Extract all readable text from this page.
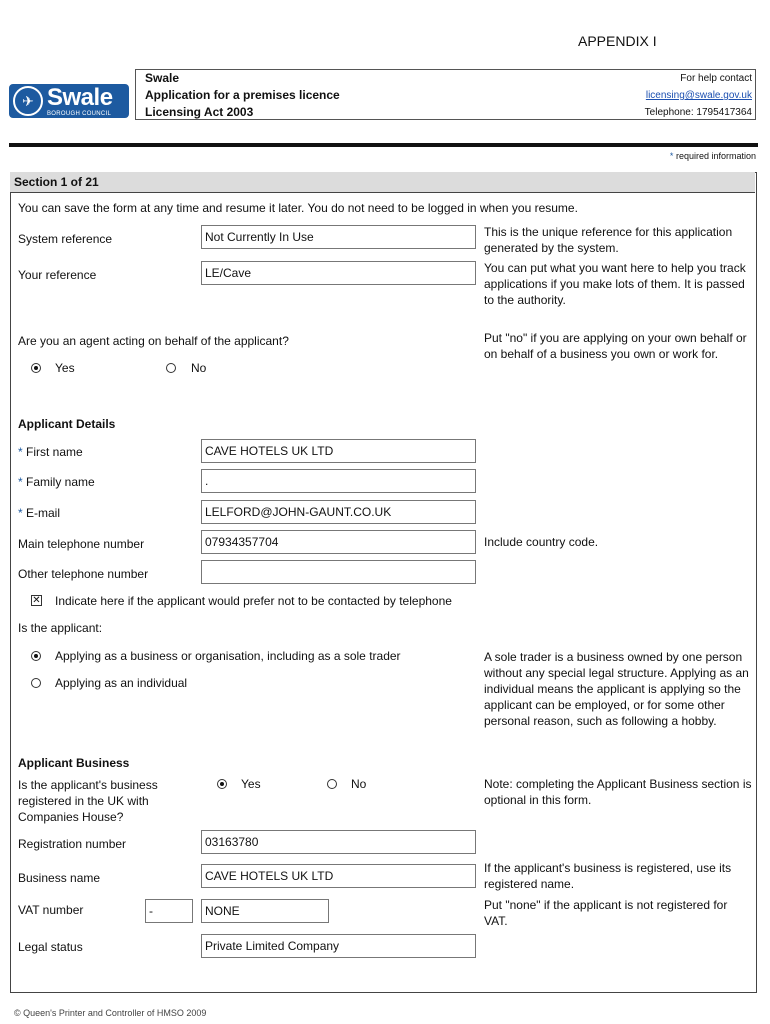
APPENDIX I
✈ Swale
BOROUGH COUNCIL
Swale
Application for a premises licence
Licensing Act 2003
For help contact
licensing@swale.gov.uk
Telephone: 1795417364
* required information
Section 1 of 21
You can save the form at any time and resume it later. You do not need to be logged in when you resume.
System reference	Not Currently In Use	This is the unique reference for this application generated by the system.
Your reference	LE/Cave	You can put what you want here to help you track applications if you make lots of them. It is passed to the authority.
Are you an agent acting on behalf of the applicant?	Put "no" if you are applying on your own behalf or on behalf of a business you own or work for.
Yes	No
Applicant Details
* First name	CAVE HOTELS UK LTD
* Family name	.
* E-mail	LELFORD@JOHN-GAUNT.CO.UK
Main telephone number	07934357704	Include country code.
Other telephone number
✕ Indicate here if the applicant would prefer not to be contacted by telephone
Is the applicant:
Applying as a business or organisation, including as a sole trader
Applying as an individual
A sole trader is a business owned by one person without any special legal structure. Applying as an individual means the applicant is applying so the applicant can be employed, or for some other personal reason, such as following a hobby.
Applicant Business
Is the applicant's business registered in the UK with Companies House?
Yes	No	Note: completing the Applicant Business section is optional in this form.
Registration number	03163780
Business name	CAVE HOTELS UK LTD
If the applicant's business is registered, use its registered name.
VAT number	-	NONE	Put "none" if the applicant is not registered for VAT.
Legal status	Private Limited Company
© Queen's Printer and Controller of HMSO 2009
